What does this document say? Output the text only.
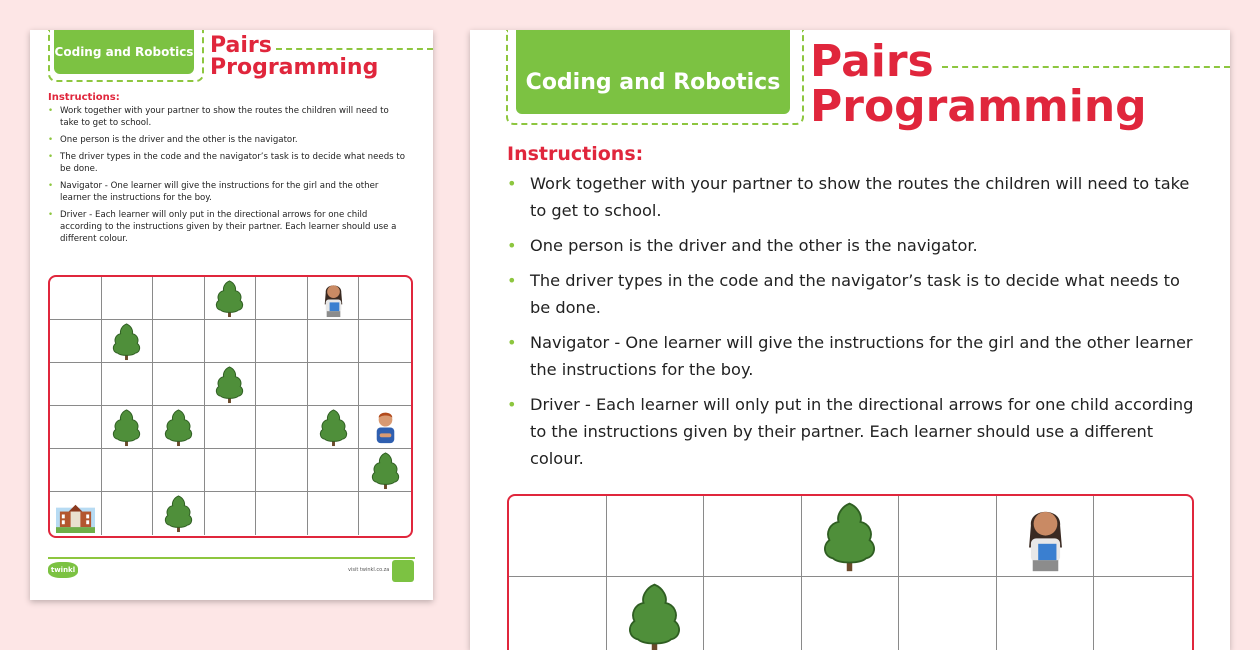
Coding and Robotics Pairs
Programming
Instructions:
• Work together with your partner to show the routes the children will need to take to get to school.
• One person is the driver and the other is the navigator.
• The driver types in the code and the navigator’s task is to decide what needs to be done.
• Navigator - One learner will give the instructions for the girl and the other learner the instructions for the boy.
• Driver - Each learner will only put in the directional arrows for one child according to the instructions given by their partner. Each learner should use a different colour.
twinkl	visit twinkl.co.za
Coding and Robotics Pairs
Programming
Instructions:
• Work together with your partner to show the routes the children will need to take to get to school.
• One person is the driver and the other is the navigator.
• The driver types in the code and the navigator’s task is to decide what needs to be done.
• Navigator - One learner will give the instructions for the girl and the other learner the instructions for the boy.
• Driver - Each learner will only put in the directional arrows for one child according to the instructions given by their partner. Each learner should use a different colour.
